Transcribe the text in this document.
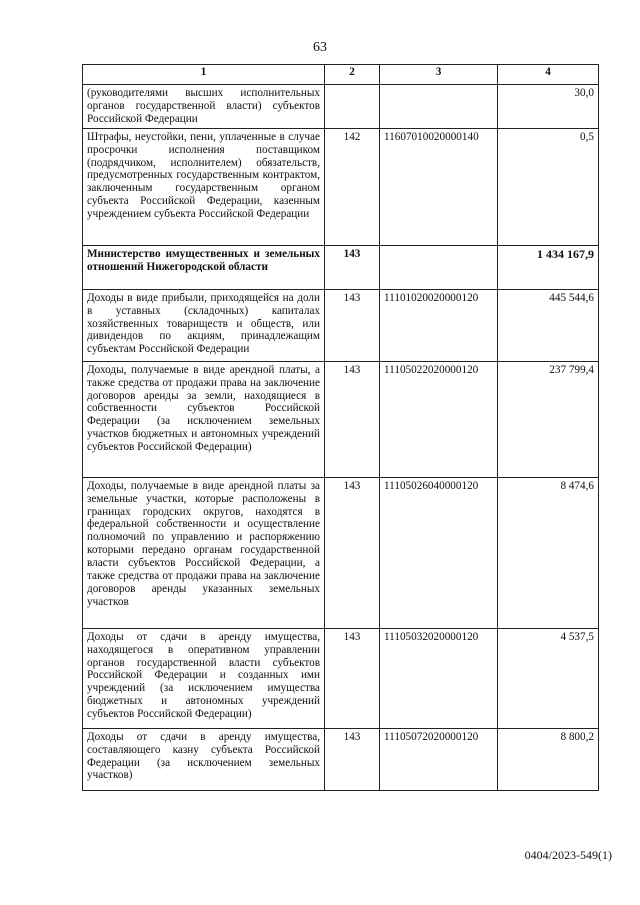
63
1	2	3	4
(руководителями высших исполнительных органов государственной власти) субъектов Российской Федерации			30,0
Штрафы, неустойки, пени, уплаченные в случае просрочки исполнения поставщиком (подрядчиком, исполнителем) обязательств, предусмотренных государственным контрактом, заключенным государственным органом субъекта Российской Федерации, казенным учреждением субъекта Российской Федерации	142	11607010020000140	0,5
Министерство имущественных и земельных отношений Нижегородской области	143		1 434 167,9
Доходы в виде прибыли, приходящейся на доли в уставных (складочных) капиталах хозяйственных товариществ и обществ, или дивидендов по акциям, принадлежащим субъектам Российской Федерации	143	11101020020000120	445 544,6
Доходы, получаемые в виде арендной платы, а также средства от продажи права на заключение договоров аренды за земли, находящиеся в собственности субъектов Российской Федерации (за исключением земельных участков бюджетных и автономных учреждений субъектов Российской Федерации)	143	11105022020000120	237 799,4
Доходы, получаемые в виде арендной платы за земельные участки, которые расположены в границах городских округов, находятся в федеральной собственности и осуществление полномочий по управлению и распоряжению которыми передано органам государственной власти субъектов Российской Федерации, а также средства от продажи права на заключение договоров аренды указанных земельных участков	143	11105026040000120	8 474,6
Доходы от сдачи в аренду имущества, находящегося в оперативном управлении органов государственной власти субъектов Российской Федерации и созданных ими учреждений (за исключением имущества бюджетных и автономных учреждений субъектов Российской Федерации)	143	11105032020000120	4 537,5
Доходы от сдачи в аренду имущества, составляющего казну субъекта Российской Федерации (за исключением земельных участков)	143	11105072020000120	8 800,2
0404/2023-549(1)
